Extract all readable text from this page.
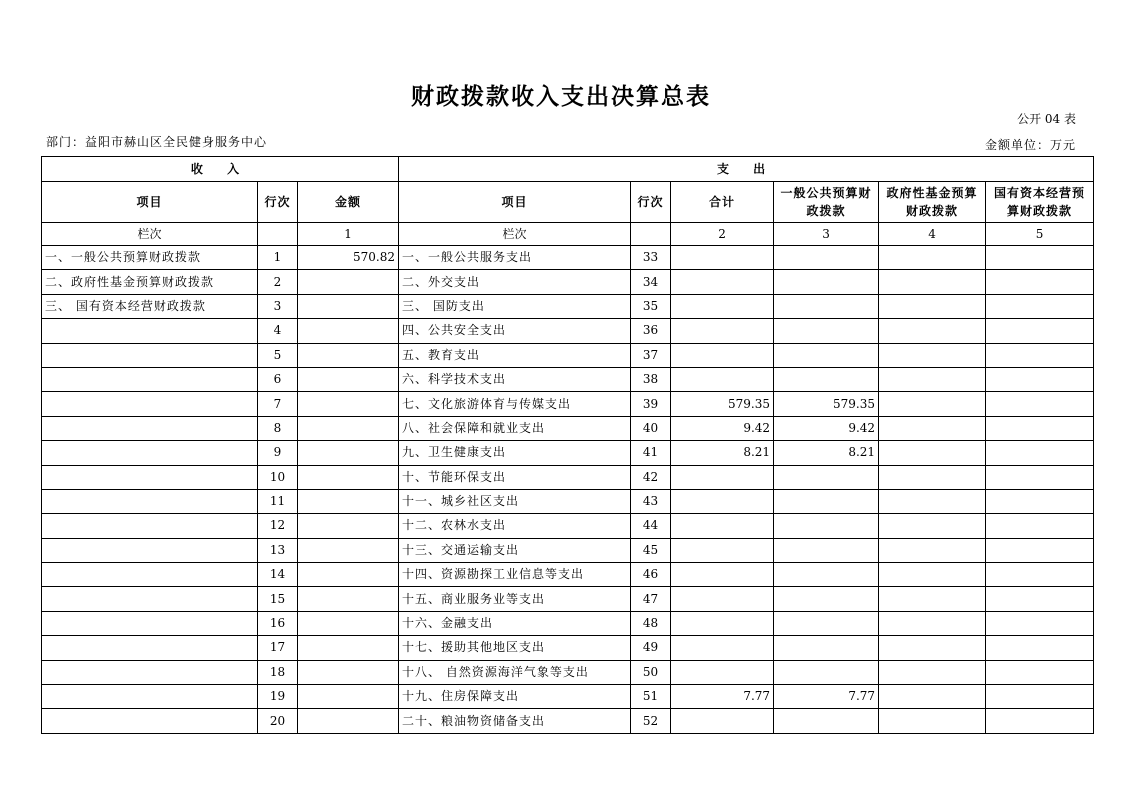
财政拨款收入支出决算总表
公开 04 表
部门：益阳市赫山区全民健身服务中心	金额单位：万元
收 入			支 出					
项目	行次	金额	项目	行次	合计	一般公共预算财政拨款	政府性基金预算财政拨款	国有资本经营预算财政拨款
栏次		1	栏次		2	3	4	5
一、一般公共预算财政拨款	1	570.82	一、一般公共服务支出	33				
二、政府性基金预算财政拨款	2		二、外交支出	34				
三、 国有资本经营财政拨款	3		三、 国防支出	35				
	4		四、公共安全支出	36				
	5		五、教育支出	37				
	6		六、科学技术支出	38				
	7		七、文化旅游体育与传媒支出	39	579.35	579.35		
	8		八、社会保障和就业支出	40	9.42	9.42		
	9		九、卫生健康支出	41	8.21	8.21		
	10		十、节能环保支出	42				
	11		十一、城乡社区支出	43				
	12		十二、农林水支出	44				
	13		十三、交通运输支出	45				
	14		十四、资源勘探工业信息等支出	46				
	15		十五、商业服务业等支出	47				
	16		十六、金融支出	48				
	17		十七、援助其他地区支出	49				
	18		十八、 自然资源海洋气象等支出	50				
	19		十九、住房保障支出	51	7.77	7.77		
	20		二十、粮油物资储备支出	52				
